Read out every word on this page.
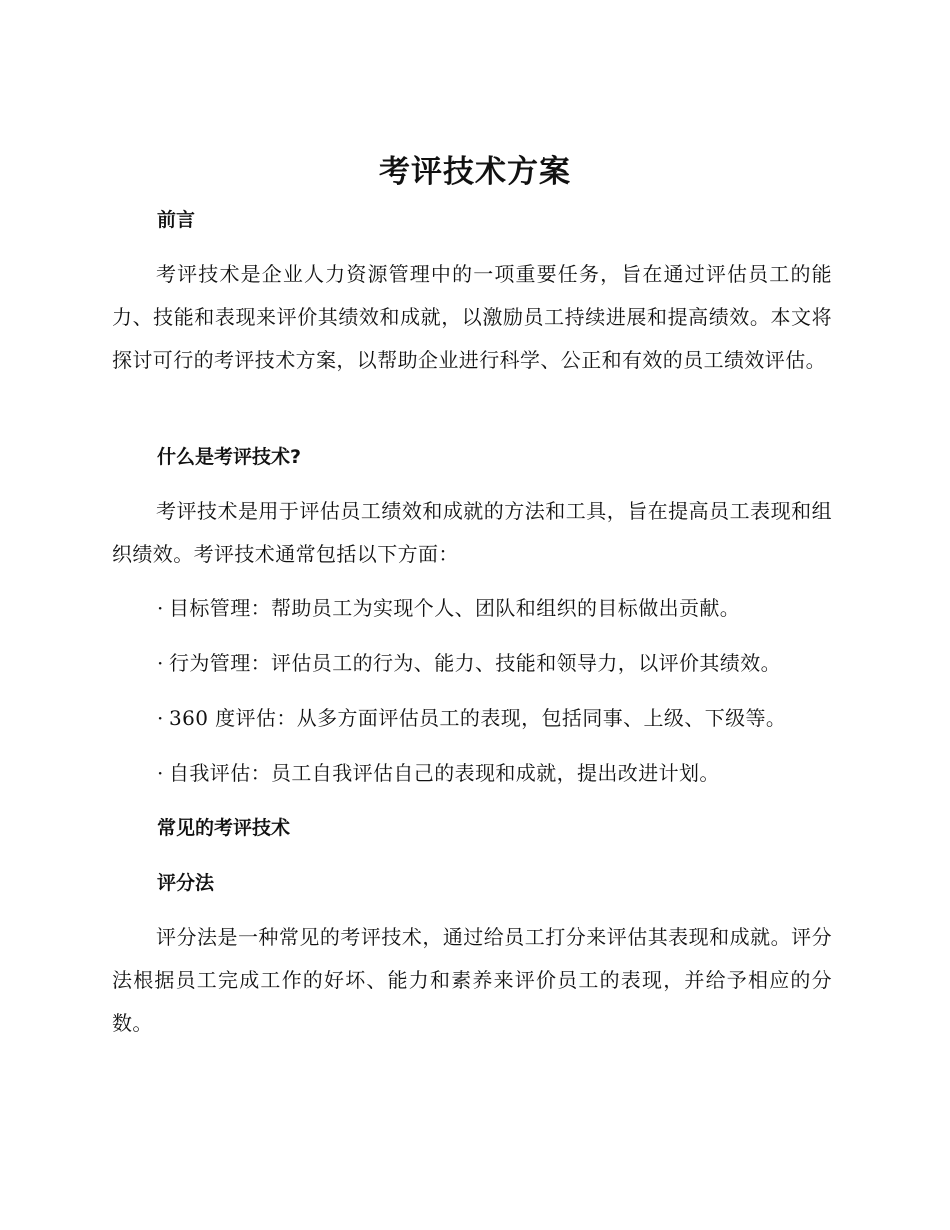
考评技术方案
前言

考评技术是企业人力资源管理中的一项重要任务，旨在通过评估员工的能力、技能和表现来评价其绩效和成就，以激励员工持续进展和提高绩效。本文将探讨可行的考评技术方案，以帮助企业进行科学、公正和有效的员工绩效评估。

什么是考评技术?

考评技术是用于评估员工绩效和成就的方法和工具，旨在提高员工表现和组织绩效。考评技术通常包括以下方面：

· 目标管理：帮助员工为实现个人、团队和组织的目标做出贡献。

· 行为管理：评估员工的行为、能力、技能和领导力，以评价其绩效。

· 360 度评估：从多方面评估员工的表现，包括同事、上级、下级等。

· 自我评估：员工自我评估自己的表现和成就，提出改进计划。

常见的考评技术
评分法

评分法是一种常见的考评技术，通过给员工打分来评估其表现和成就。评分法根据员工完成工作的好坏、能力和素养来评价员工的表现，并给予相应的分数。
